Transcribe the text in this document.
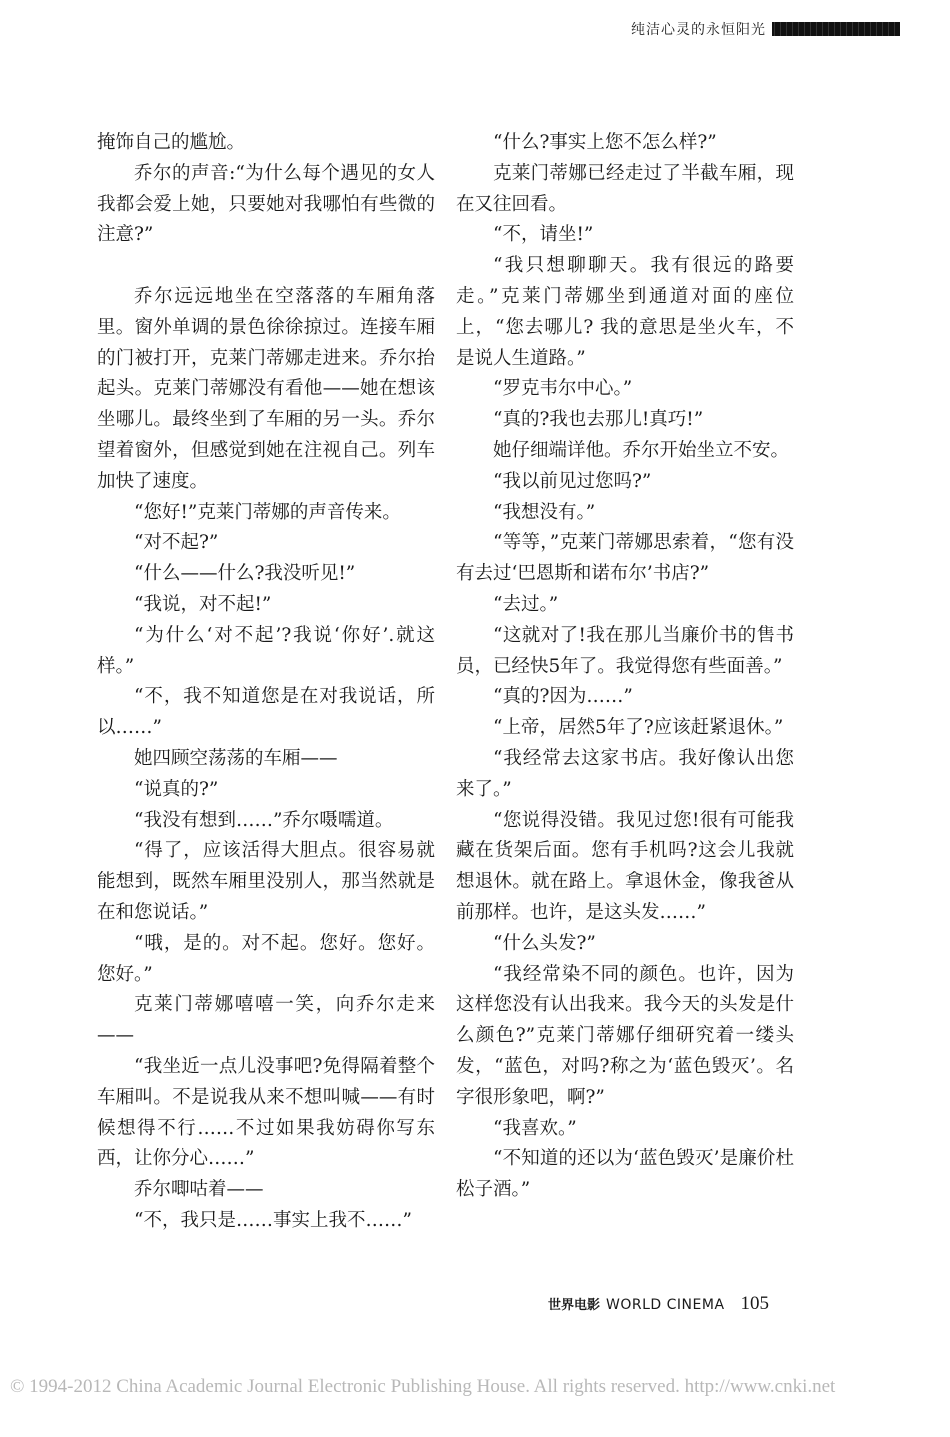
纯洁心灵的永恒阳光

掩饰自己的尴尬。

乔尔的声音:“为什么每个遇见的女人我都会爱上她，只要她对我哪怕有些微的注意?”

乔尔远远地坐在空落落的车厢角落里。窗外单调的景色徐徐掠过。连接车厢的门被打开，克莱门蒂娜走进来。乔尔抬起头。克莱门蒂娜没有看他——她在想该坐哪儿。最终坐到了车厢的另一头。乔尔望着窗外，但感觉到她在注视自己。列车加快了速度。

“您好!”克莱门蒂娜的声音传来。

“对不起?”

“什么——什么?我没听见!”

“我说，对不起!”

“为什么‘对不起’?我说‘你好’.就这样。”

“不，我不知道您是在对我说话，所以……”

她四顾空荡荡的车厢——

“说真的?”

“我没有想到……”乔尔嗫嚅道。

“得了，应该活得大胆点。很容易就能想到，既然车厢里没别人，那当然就是在和您说话。”

“哦，是的。对不起。您好。您好。您好。”

克莱门蒂娜嘻嘻一笑，向乔尔走来——

“我坐近一点儿没事吧?免得隔着整个车厢叫。不是说我从来不想叫喊——有时候想得不行……不过如果我妨碍你写东西，让你分心……”

乔尔唧咕着——

“不，我只是……事实上我不……”

“什么?事实上您不怎么样?”

克莱门蒂娜已经走过了半截车厢，现在又往回看。

“不，请坐!”

“我只想聊聊天。我有很远的路要走。”克莱门蒂娜坐到通道对面的座位上，“您去哪儿? 我的意思是坐火车，不是说人生道路。”

“罗克韦尔中心。”

“真的?我也去那儿!真巧!”

她仔细端详他。乔尔开始坐立不安。

“我以前见过您吗?”

“我想没有。”

“等等，”克莱门蒂娜思索着，“您有没有去过‘巴恩斯和诺布尔’书店?”

“去过。”

“这就对了!我在那儿当廉价书的售书员，已经快5年了。我觉得您有些面善。”

“真的?因为……”

“上帝，居然5年了?应该赶紧退休。”

“我经常去这家书店。我好像认出您来了。”

“您说得没错。我见过您!很有可能我藏在货架后面。您有手机吗?这会儿我就想退休。就在路上。拿退休金，像我爸从前那样。也许，是这头发……”

“什么头发?”

“我经常染不同的颜色。也许，因为这样您没有认出我来。我今天的头发是什么颜色?”克莱门蒂娜仔细研究着一缕头发，“蓝色，对吗?称之为‘蓝色毁灭’。名字很形象吧，啊?”

“我喜欢。”

“不知道的还以为‘蓝色毁灭’是廉价杜松子酒。”

世界电影 WORLD CINEMA 105
© 1994-2012 China Academic Journal Electronic Publishing House. All rights reserved. http://www.cnki.net
